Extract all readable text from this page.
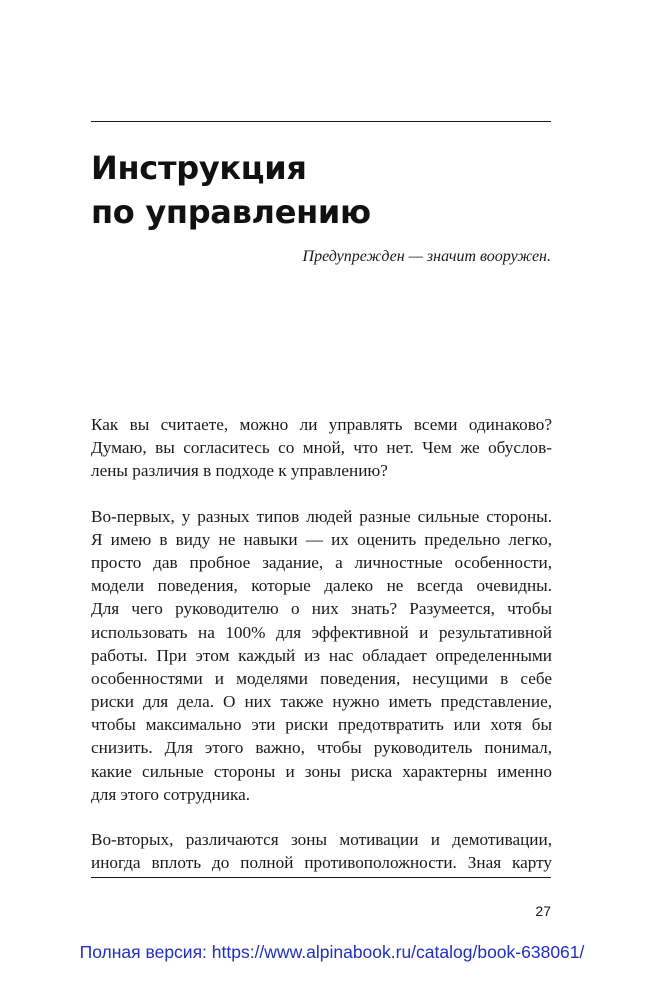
Инструкция
по управлению

Предупрежден — значит вооружен.

Как вы считаете, можно ли управлять всеми одинаково?
Думаю, вы согласитесь со мной, что нет. Чем же обуслов-
лены различия в подходе к управлению?

Во-первых, у разных типов людей разные сильные стороны.
Я имею в виду не навыки — их оценить предельно легко,
просто дав пробное задание, а личностные особенности,
модели поведения, которые далеко не всегда очевидны.
Для чего руководителю о них знать? Разумеется, чтобы
использовать на 100% для эффективной и результативной
работы. При этом каждый из нас обладает определенными
особенностями и моделями поведения, несущими в себе
риски для дела. О них также нужно иметь представление,
чтобы максимально эти риски предотвратить или хотя бы
снизить. Для этого важно, чтобы руководитель понимал,
какие сильные стороны и зоны риска характерны именно
для этого сотрудника.

Во-вторых, различаются зоны мотивации и демотивации,
иногда вплоть до полной противоположности. Зная карту

27
Полная версия: https://www.alpinabook.ru/catalog/book-638061/
